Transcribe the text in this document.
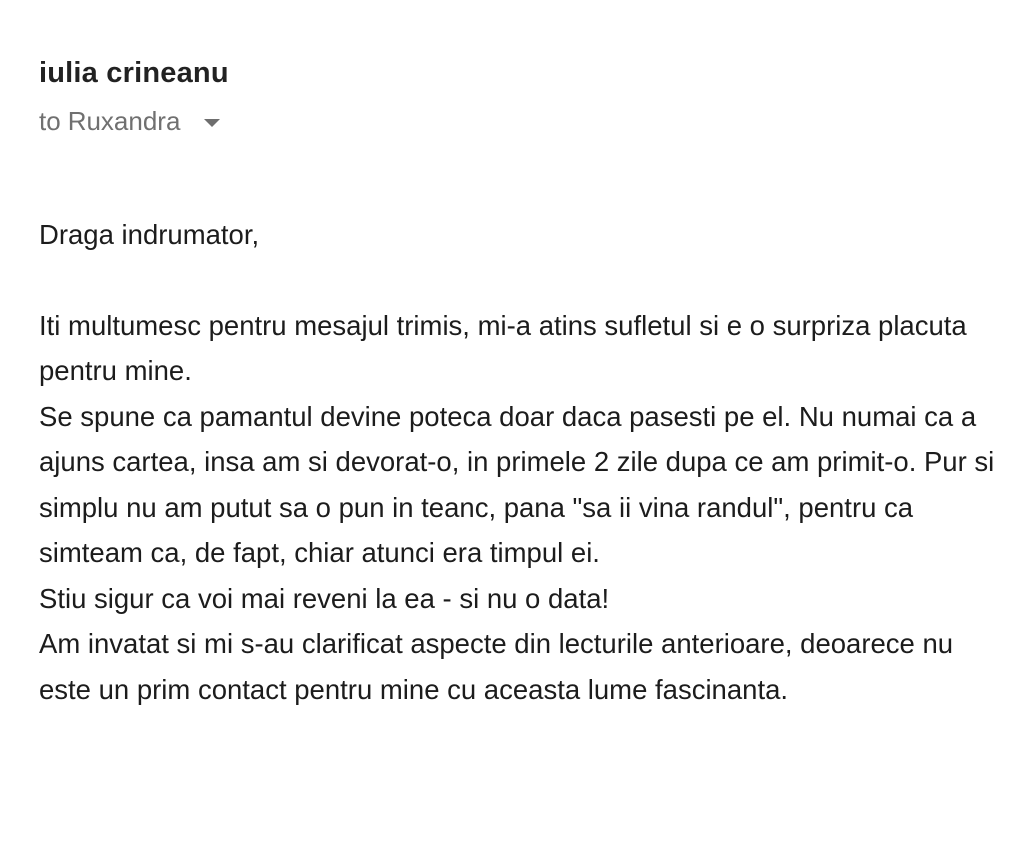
iulia crineanu
to Ruxandra

Draga indrumator,

Iti multumesc pentru mesajul trimis, mi-a atins sufletul si e o surpriza placuta pentru mine.

Se spune ca pamantul devine poteca doar daca pasesti pe el. Nu numai ca a ajuns cartea, insa am si devorat-o, in primele 2 zile dupa ce am primit-o. Pur si simplu nu am putut sa o pun in teanc, pana "sa ii vina randul", pentru ca simteam ca, de fapt, chiar atunci era timpul ei.

Stiu sigur ca voi mai reveni la ea - si nu o data!

Am invatat si mi s-au clarificat aspecte din lecturile anterioare, deoarece nu este un prim contact pentru mine cu aceasta lume fascinanta.
